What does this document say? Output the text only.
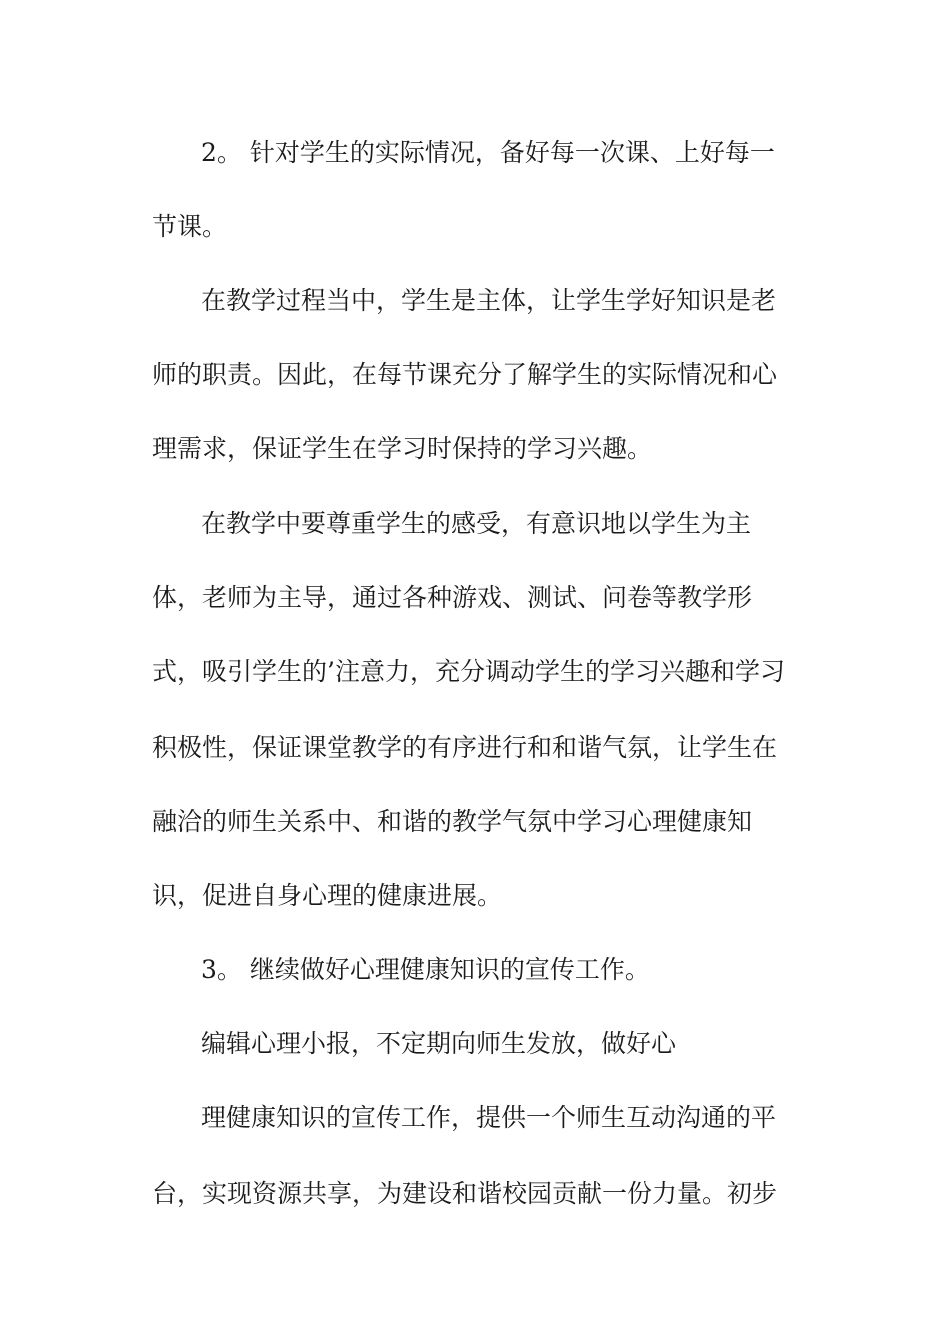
2。 针对学生的实际情况，备好每一次课、上好每一
节课。
在教学过程当中，学生是主体，让学生学好知识是老
师的职责。因此，在每节课充分了解学生的实际情况和心
理需求，保证学生在学习时保持的学习兴趣。
在教学中要尊重学生的感受，有意识地以学生为主
体，老师为主导，通过各种游戏、测试、问卷等教学形
式，吸引学生的’注意力，充分调动学生的学习兴趣和学习
积极性，保证课堂教学的有序进行和和谐气氛，让学生在
融洽的师生关系中、和谐的教学气氛中学习心理健康知
识，促进自身心理的健康进展。
3。 继续做好心理健康知识的宣传工作。
编辑心理小报，不定期向师生发放，做好心
理健康知识的宣传工作，提供一个师生互动沟通的平
台，实现资源共享，为建设和谐校园贡献一份力量。初步
